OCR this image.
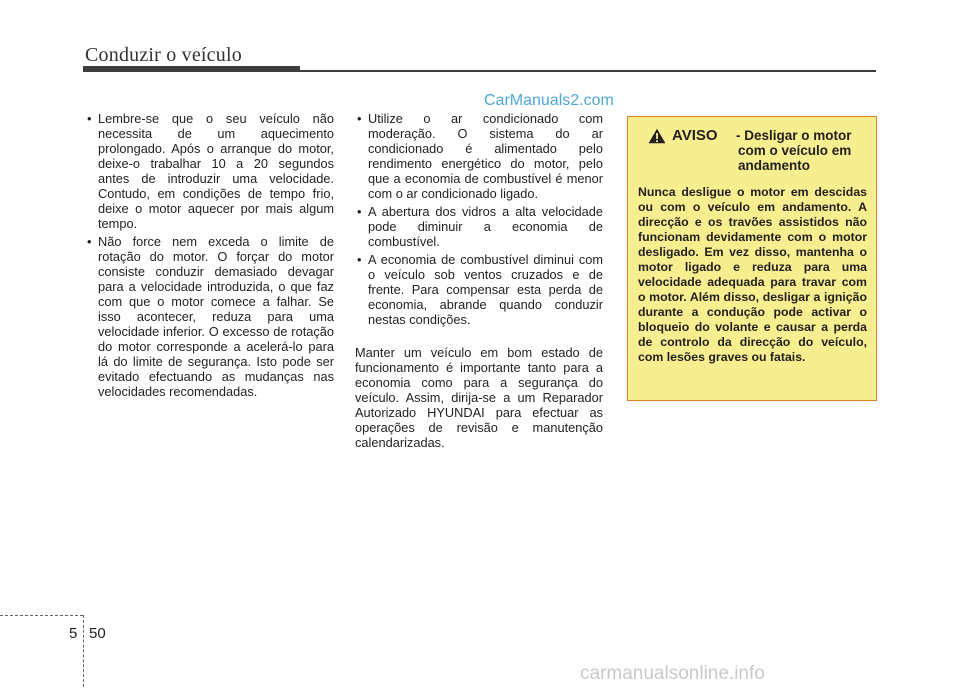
Conduzir o veículo
CarManuals2.com
• Lembre-se que o seu veículo não necessita de um aquecimento prolongado. Após o arranque do motor, deixe-o trabalhar 10 a 20 segundos antes de introduzir uma velocidade. Contudo, em condições de tempo frio, deixe o motor aquecer por mais algum tempo.
• Não force nem exceda o limite de rotação do motor. O forçar do motor consiste conduzir demasiado devagar para a velocidade introduzida, o que faz com que o motor comece a falhar. Se isso acontecer, reduza para uma velocidade inferior. O excesso de rotação do motor corresponde a acelerá-lo para lá do limite de segurança. Isto pode ser evitado efectuando as mudanças nas velocidades recomendadas.
• Utilize o ar condicionado com moderação. O sistema do ar condicionado é alimentado pelo rendimento energético do motor, pelo que a economia de combustível é menor com o ar condicionado ligado.
• A abertura dos vidros a alta velocidade pode diminuir a economia de combustível.
• A economia de combustível diminui com o veículo sob ventos cruzados e de frente. Para compensar esta perda de economia, abrande quando conduzir nestas condições.

Manter um veículo em bom estado de funcionamento é importante tanto para a economia como para a segurança do veículo. Assim, dirija-se a um Reparador Autorizado HYUNDAI para efectuar as operações de revisão e manutenção calendarizadas.

AVISO - Desligar o motor
com o veículo em andamento
Nunca desligue o motor em descidas ou com o veículo em andamento. A direcção e os travões assistidos não funcionam devidamente com o motor desligado. Em vez disso, mantenha o motor ligado e reduza para uma velocidade adequada para travar com o motor. Além disso, desligar a ignição durante a condução pode activar o bloqueio do volante e causar a perda de controlo da direcção do veículo, com lesões graves ou fatais.
5 50
carmanualsonline.info
